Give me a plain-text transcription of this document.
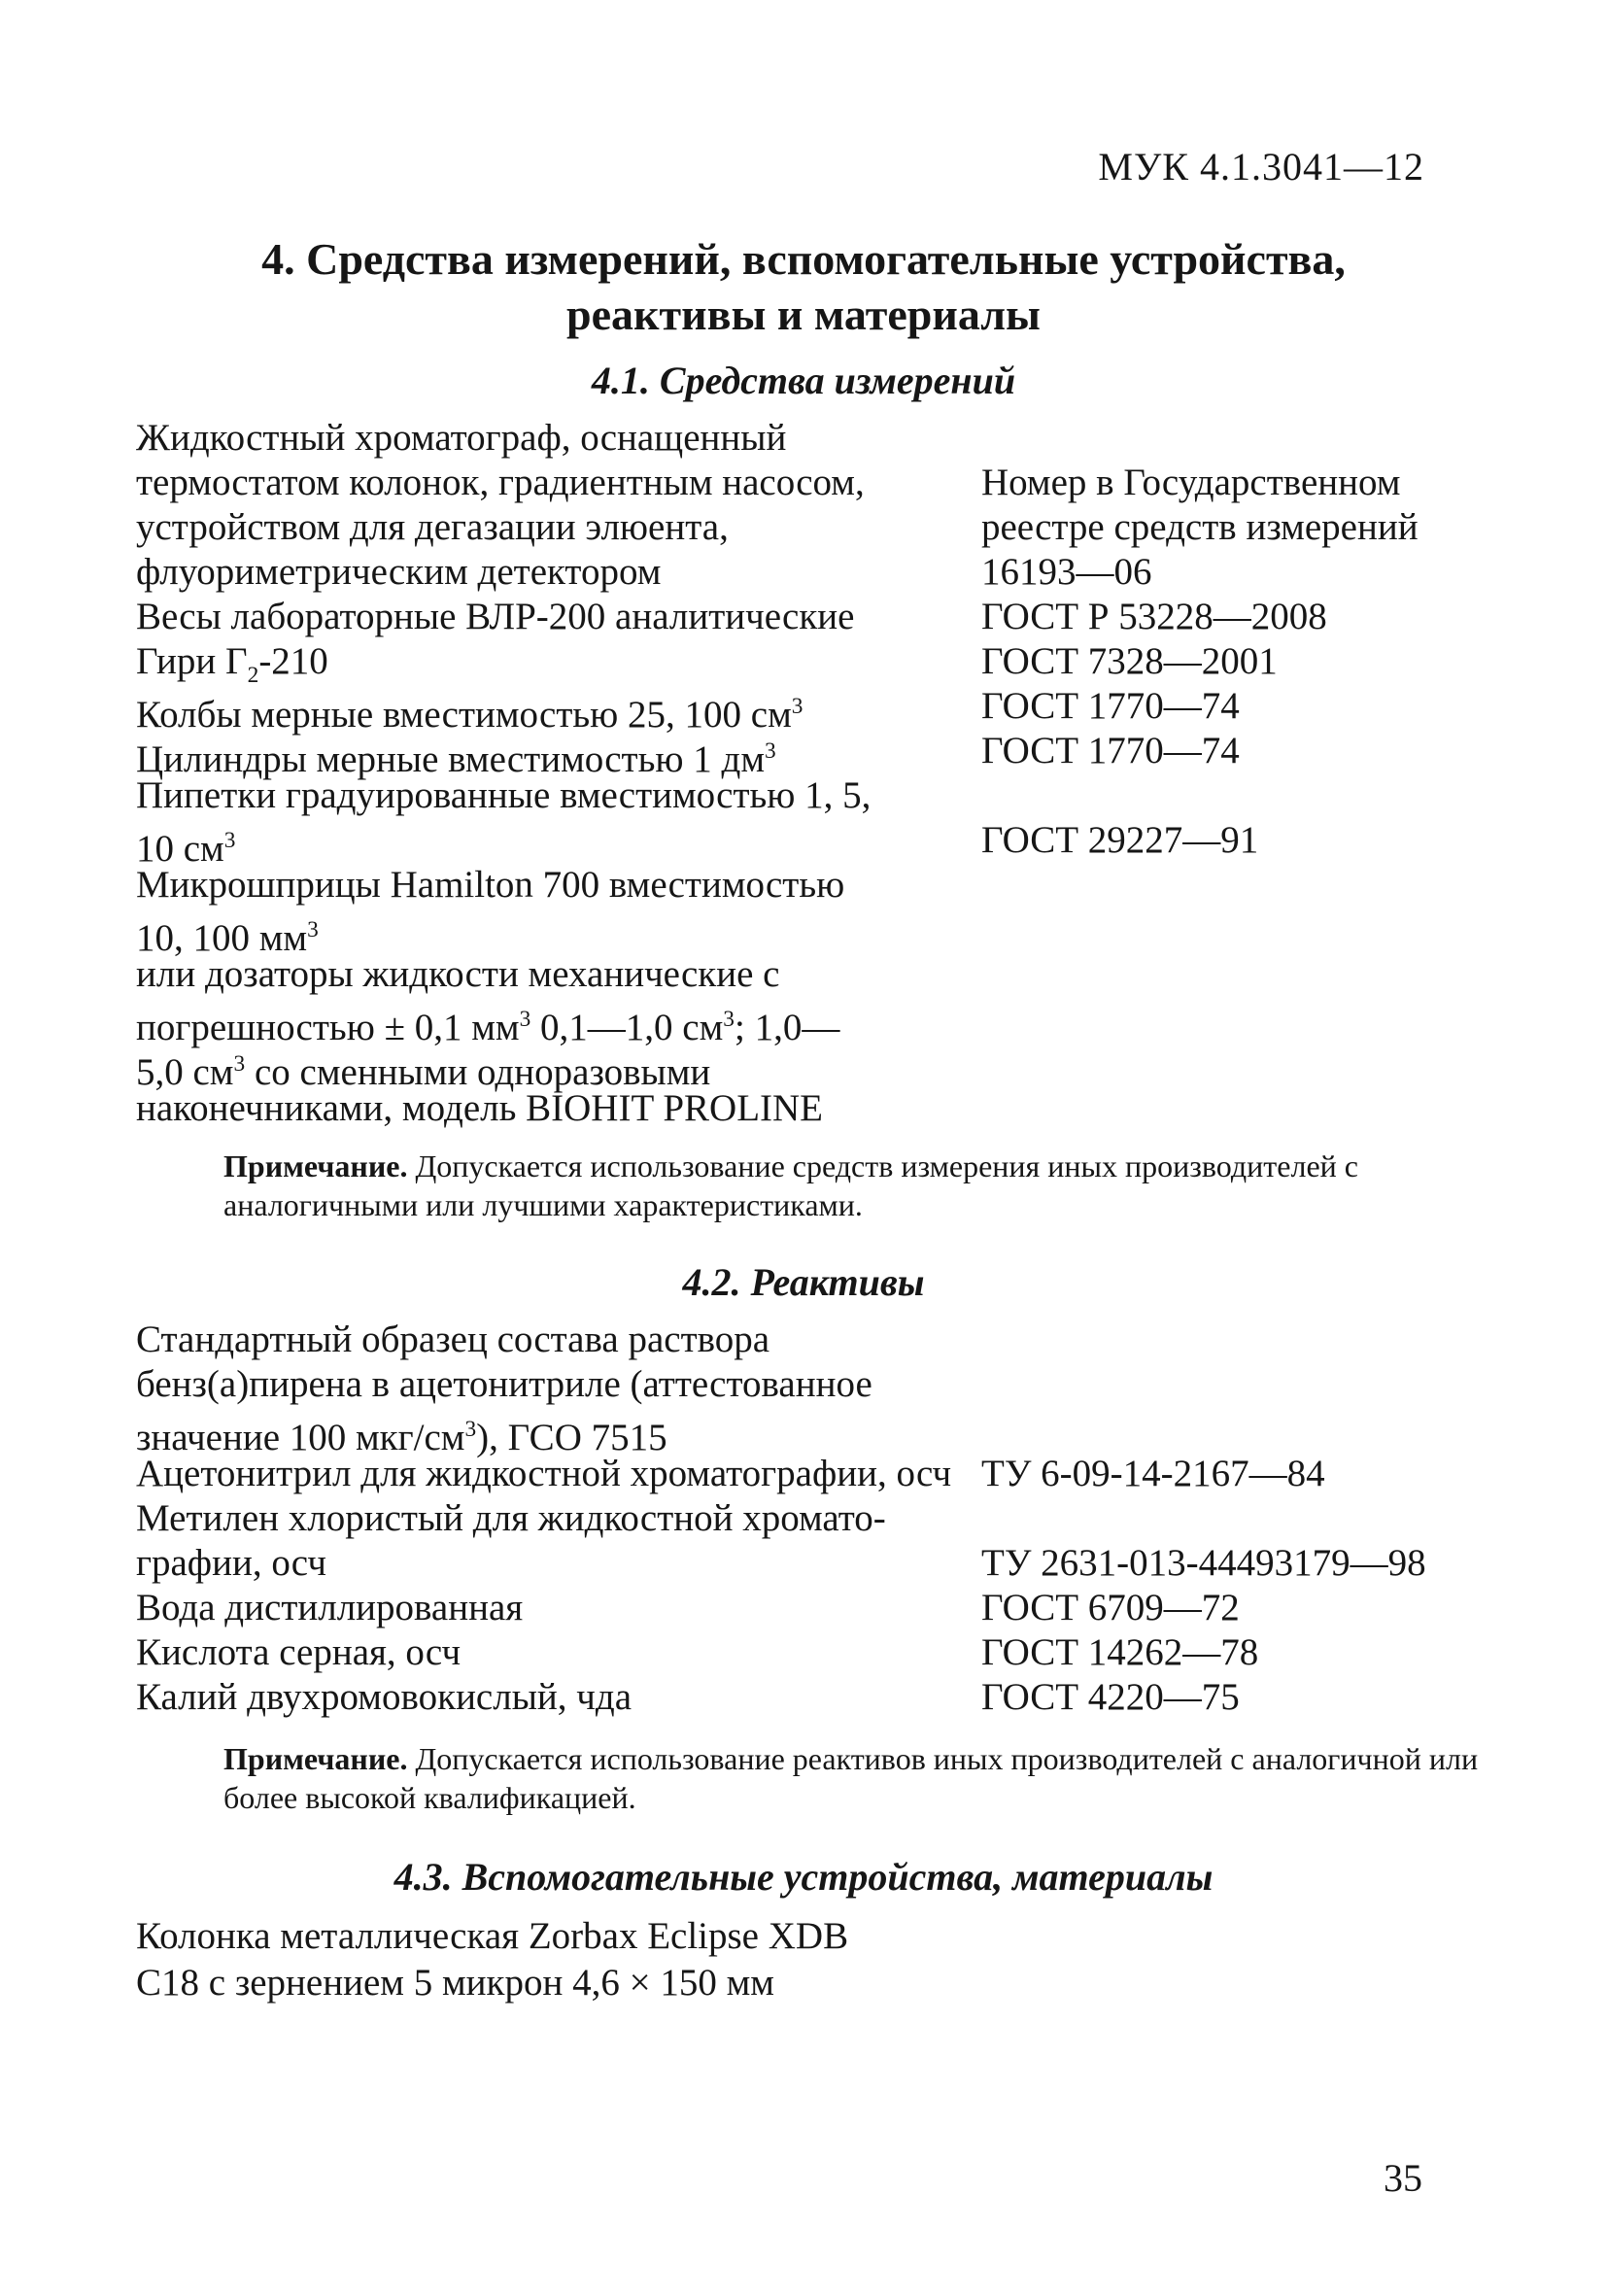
МУК 4.1.3041—12
4. Средства измерений, вспомогательные устройства,
реактивы и материалы
4.1. Средства измерений
Жидкостный хроматограф, оснащенный
термостатом колонок, градиентным насосом,	Номер в Государственном
устройством для дегазации элюента,	реестре средств измерений
флуориметрическим детектором	16193—06
Весы лабораторные ВЛР-200 аналитические	ГОСТ Р 53228—2008
Гири $Г_2-210$	ГОСТ 7328—2001
Колбы мерные вместимостью 25, 100 $см^3$	ГОСТ 1770—74
Цилиндры мерные вместимостью 1 $дм^3$	ГОСТ 1770—74
Пипетки градуированные вместимостью 1, 5,
10 $см^3$	ГОСТ 29227—91
Микрошприцы Hamilton 700 вместимостью
10, 100 $мм^3$
или дозаторы жидкости механические с
погрешностью ± 0,1 $мм^3$ 0,1—1,0 $см^3$; 1,0—
5,0 $см^3$ со сменными одноразовыми
наконечниками, модель BIOHIT PROLINE
Примечание. Допускается использование средств измерения иных производителей с аналогичными или лучшими характеристиками.
4.2. Реактивы
Стандартный образец состава раствора
бенз(а)пирена в ацетонитриле (аттестованное
значение 100 мкг/$см^3$), ГСО 7515
Ацетонитрил для жидкостной хроматографии, осч ТУ 6-09-14-2167—84
Метилен хлористый для жидкостной хромато-
графии, осч	ТУ 2631-013-44493179—98
Вода дистиллированная	ГОСТ 6709—72
Кислота серная, осч	ГОСТ 14262—78
Калий двухромовокислый, чда	ГОСТ 4220—75
Примечание. Допускается использование реактивов иных производителей с аналогичной или более высокой квалификацией.
4.3. Вспомогательные устройства, материалы
Колонка металлическая Zorbax Eclipse XDB
С18 с зернением 5 микрон 4,6 × 150 мм
35
